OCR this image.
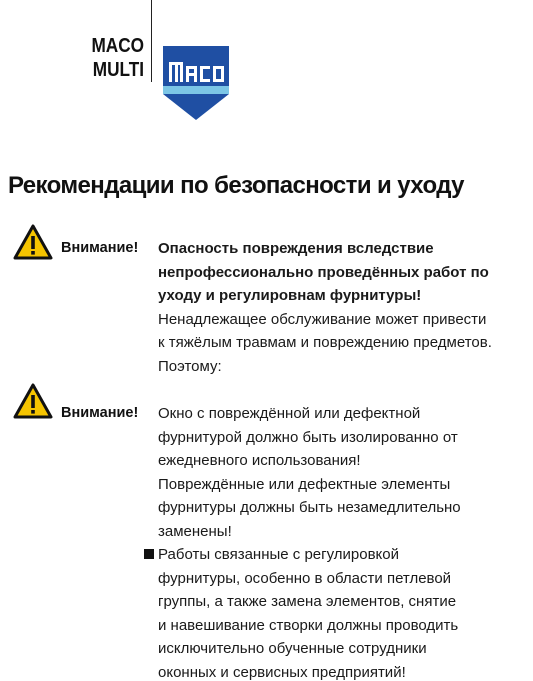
MACO
MULTI
Рекомендации по безопасности и уходу
Внимание! Опасность повреждения вследствие

непрофессионально проведённых работ по

уходу и регулировнам фурнитуры!

Ненадлежащее обслуживание может привести

к тяжёлым травмам и повреждению предметов.

Поэтому:

Внимание! Окно с повреждённой или дефектной

фурнитурой должно быть изолированно от

ежедневного использования!

Повреждённые или дефектные элементы

фурнитуры должны быть незамедлительно

заменены!

Работы связанные с регулировкой

фурнитуры, особенно в области петлевой

группы, а также замена элементов, снятие

и навешивание створки должны проводить

исключительно обученные сотрудники

оконных и сервисных предприятий!
